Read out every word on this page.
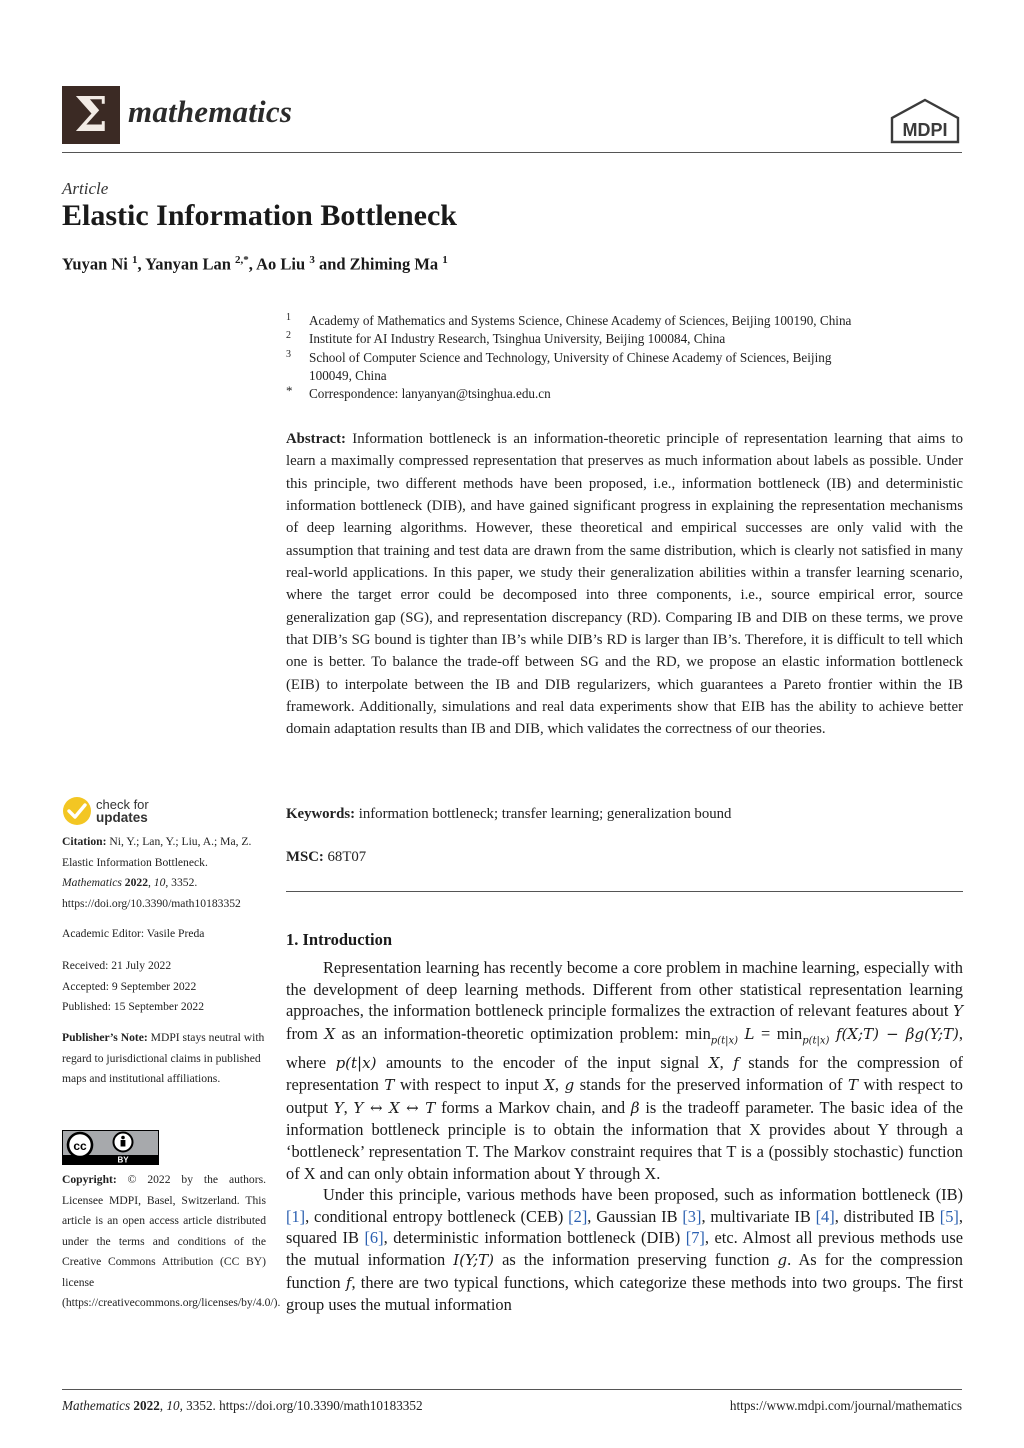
Σ mathematics
MDPI
Article
Elastic Information Bottleneck
Yuyan Ni $^1$, Yanyan Lan $^{2,*}$, Ao Liu $^3$ and Zhiming Ma $^1$
1	Academy of Mathematics and Systems Science, Chinese Academy of Sciences, Beijing 100190, China
2	Institute for AI Industry Research, Tsinghua University, Beijing 100084, China
3	School of Computer Science and Technology, University of Chinese Academy of Sciences, Beijing 100049, China
*	Correspondence: lanyanyan@tsinghua.edu.cn
Abstract: Information bottleneck is an information-theoretic principle of representation learning that aims to learn a maximally compressed representation that preserves as much information about labels as possible. Under this principle, two different methods have been proposed, i.e., information bottleneck (IB) and deterministic information bottleneck (DIB), and have gained significant progress in explaining the representation mechanisms of deep learning algorithms. However, these theoretical and empirical successes are only valid with the assumption that training and test data are drawn from the same distribution, which is clearly not satisfied in many real-world applications. In this paper, we study their generalization abilities within a transfer learning scenario, where the target error could be decomposed into three components, i.e., source empirical error, source generalization gap (SG), and representation discrepancy (RD). Comparing IB and DIB on these terms, we prove that DIB’s SG bound is tighter than IB’s while DIB’s RD is larger than IB’s. Therefore, it is difficult to tell which one is better. To balance the trade-off between SG and the RD, we propose an elastic information bottleneck (EIB) to interpolate between the IB and DIB regularizers, which guarantees a Pareto frontier within the IB framework. Additionally, simulations and real data experiments show that EIB has the ability to achieve better domain adaptation results than IB and DIB, which validates the correctness of our theories.
Keywords: information bottleneck; transfer learning; generalization bound
MSC: 68T07
1. Introduction

Representation learning has recently become a core problem in machine learning, especially with the development of deep learning methods. Different from other statistical representation learning approaches, the information bottleneck principle formalizes the extraction of relevant features about Y from X as an information-theoretic optimization problem: $\min_{p(t|x)} L = \min_{p(t|x)}$ f(X;T) − βg(Y;T), where p(t|x) amounts to the encoder of the input signal X, f stands for the compression of representation T with respect to input X, g stands for the preserved information of T with respect to output Y, Y ↔ X ↔ T forms a Markov chain, and β is the tradeoff parameter. The basic idea of the information bottleneck principle is to obtain the information that X provides about Y through a ‘bottleneck’ representation T. The Markov constraint requires that T is a (possibly stochastic) function of X and can only obtain information about Y through X.

Under this principle, various methods have been proposed, such as information bottleneck (IB) [1], conditional entropy bottleneck (CEB) [2], Gaussian IB [3], multivariate IB [4], distributed IB [5], squared IB [6], deterministic information bottleneck (DIB) [7], etc. Almost all previous methods use the mutual information I(Y;T) as the information preserving function g. As for the compression function f, there are two typical functions, which categorize these methods into two groups. The first group uses the mutual information

check for
updates
Citation: Ni, Y.; Lan, Y.; Liu, A.; Ma, Z. Elastic Information Bottleneck. Mathematics 2022, 10, 3352. https://doi.org/10.3390/math10183352
Academic Editor: Vasile Preda
Received: 21 July 2022
Accepted: 9 September 2022
Published: 15 September 2022
Publisher’s Note: MDPI stays neutral with regard to jurisdictional claims in published maps and institutional affiliations.
cc
BY
Copyright: © 2022 by the authors. Licensee MDPI, Basel, Switzerland. This article is an open access article distributed under the terms and conditions of the Creative Commons Attribution (CC BY) license (https://creativecommons.org/licenses/by/4.0/).
Mathematics 2022, 10, 3352. https://doi.org/10.3390/math10183352	https://www.mdpi.com/journal/mathematics
